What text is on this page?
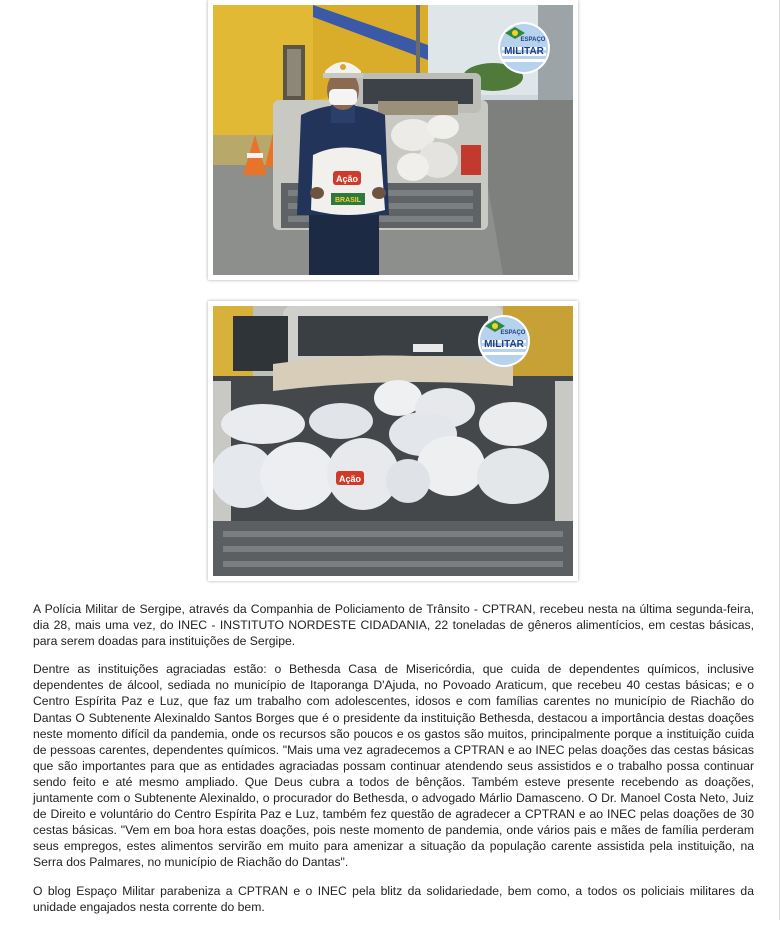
Ação
BRASIL
ESPAÇO
MILITAR
Ação
ESPAÇO
MILITAR

A Polícia Militar de Sergipe, através da Companhia de Policiamento de Trânsito - CPTRAN, recebeu nesta na última segunda-feira, dia 28, mais uma vez, do INEC - INSTITUTO NORDESTE CIDADANIA, 22 toneladas de gêneros alimentícios, em cestas básicas, para serem doadas para instituições de Sergipe.

Dentre as instituições agraciadas estão: o Bethesda Casa de Misericórdia, que cuida de dependentes químicos, inclusive dependentes de álcool, sediada no município de Itaporanga D'Ajuda, no Povoado Araticum, que recebeu 40 cestas básicas; e o Centro Espírita Paz e Luz, que faz um trabalho com adolescentes, idosos e com famílias carentes no município de Riachão do Dantas O Subtenente Alexinaldo Santos Borges que é o presidente da instituição Bethesda, destacou a importância destas doações neste momento difícil da pandemia, onde os recursos são poucos e os gastos são muitos, principalmente porque a instituição cuida de pessoas carentes, dependentes químicos. "Mais uma vez agradecemos a CPTRAN e ao INEC pelas doações das cestas básicas que são importantes para que as entidades agraciadas possam continuar atendendo seus assistidos e o trabalho possa continuar sendo feito e até mesmo ampliado. Que Deus cubra a todos de bênçãos. Também esteve presente recebendo as doações, juntamente com o Subtenente Alexinaldo, o procurador do Bethesda, o advogado Márlio Damasceno. O Dr. Manoel Costa Neto, Juiz de Direito e voluntário do Centro Espírita Paz e Luz, também fez questão de agradecer a CPTRAN e ao INEC pelas doações de 30 cestas básicas. "Vem em boa hora estas doações, pois neste momento de pandemia, onde vários pais e mães de família perderam seus empregos, estes alimentos servirão em muito para amenizar a situação da população carente assistida pela instituição, na Serra dos Palmares, no município de Riachão do Dantas".

O blog Espaço Militar parabeniza a CPTRAN e o INEC pela blitz da solidariedade, bem como, a todos os policiais militares da unidade engajados nesta corrente do bem.
